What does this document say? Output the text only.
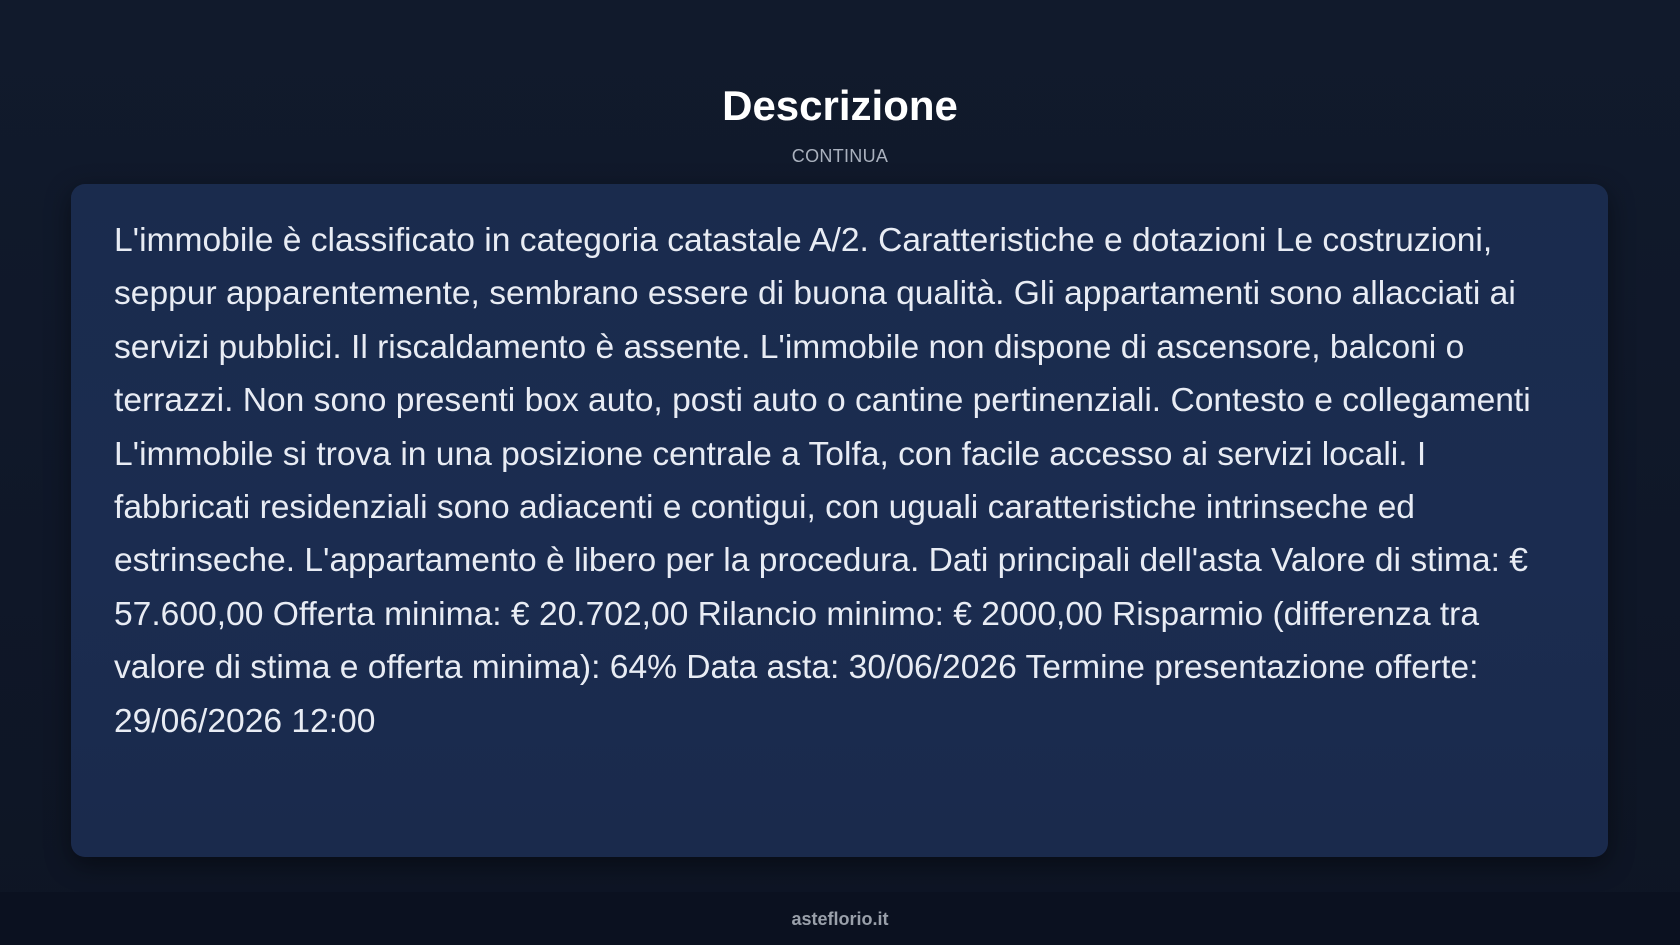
Descrizione
CONTINUA

L'immobile è classificato in categoria catastale A/2. Caratteristiche e dotazioni Le costruzioni, seppur apparentemente, sembrano essere di buona qualità. Gli appartamenti sono allacciati ai servizi pubblici. Il riscaldamento è assente. L'immobile non dispone di ascensore, balconi o terrazzi. Non sono presenti box auto, posti auto o cantine pertinenziali. Contesto e collegamenti L'immobile si trova in una posizione centrale a Tolfa, con facile accesso ai servizi locali. I fabbricati residenziali sono adiacenti e contigui, con uguali caratteristiche intrinseche ed estrinseche. L'appartamento è libero per la procedura. Dati principali dell'asta Valore di stima: € 57.600,00 Offerta minima: € 20.702,00 Rilancio minimo: € 2000,00 Risparmio (differenza tra valore di stima e offerta minima): 64% Data asta: 30/06/2026 Termine presentazione offerte: 29/06/2026 12:00

asteflorio.it
